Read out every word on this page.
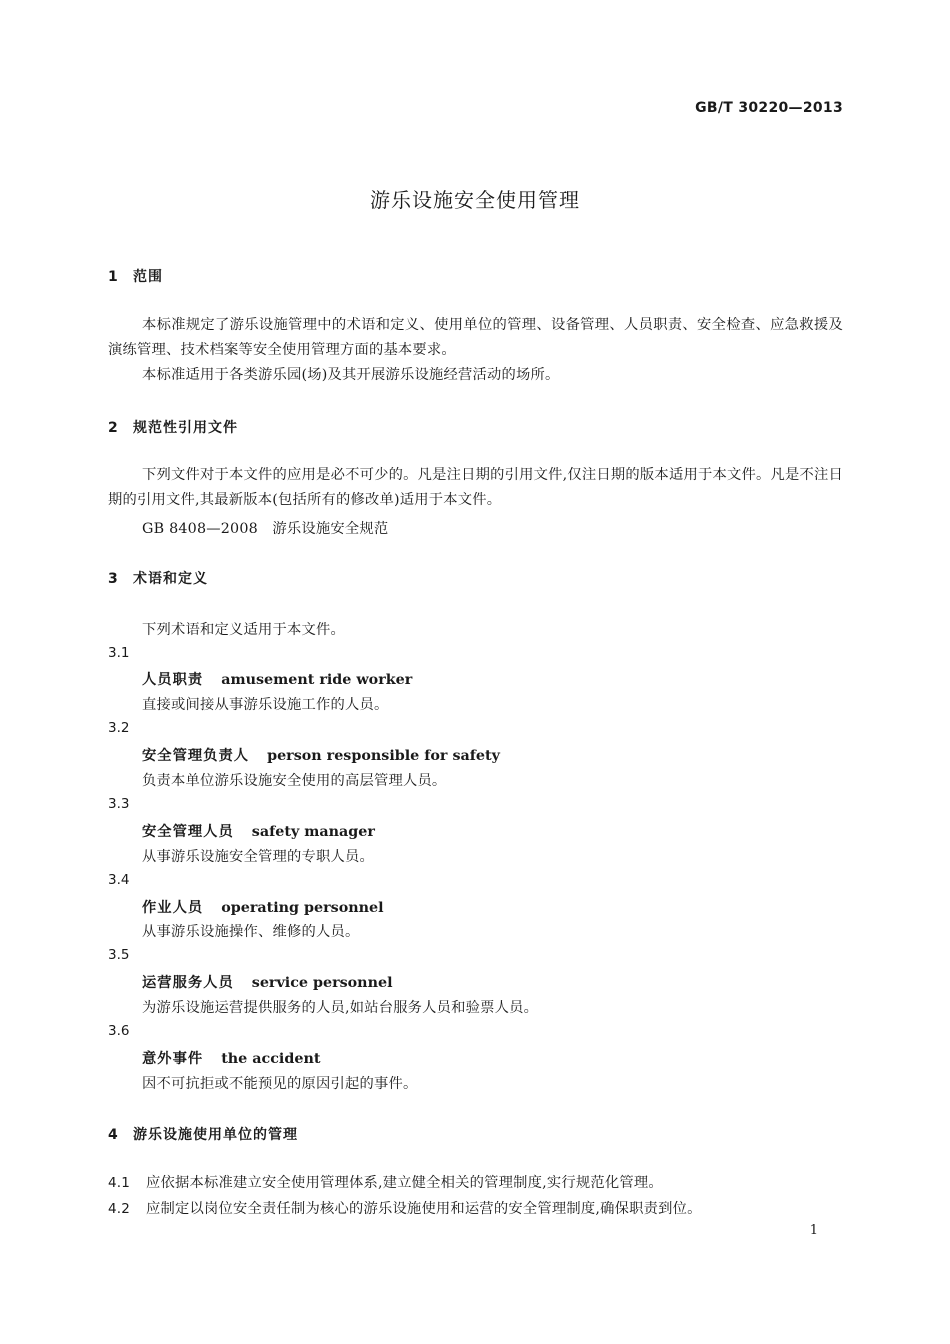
GB/T 30220—2013
游乐设施安全使用管理
1 范围
本标准规定了游乐设施管理中的术语和定义、使用单位的管理、设备管理、人员职责、安全检查、应急救援及演练管理、技术档案等安全使用管理方面的基本要求。
本标准适用于各类游乐园(场)及其开展游乐设施经营活动的场所。
2 规范性引用文件
下列文件对于本文件的应用是必不可少的。凡是注日期的引用文件,仅注日期的版本适用于本文件。凡是不注日期的引用文件,其最新版本(包括所有的修改单)适用于本文件。
GB 8408—2008　游乐设施安全规范
3 术语和定义
下列术语和定义适用于本文件。
3.1
人员职责 amusement ride worker
直接或间接从事游乐设施工作的人员。
3.2
安全管理负责人 person responsible for safety
负责本单位游乐设施安全使用的高层管理人员。
3.3
安全管理人员 safety manager
从事游乐设施安全管理的专职人员。
3.4
作业人员 operating personnel
从事游乐设施操作、维修的人员。
3.5
运营服务人员 service personnel
为游乐设施运营提供服务的人员,如站台服务人员和验票人员。
3.6
意外事件 the accident
因不可抗拒或不能预见的原因引起的事件。
4 游乐设施使用单位的管理
4.1 应依据本标准建立安全使用管理体系,建立健全相关的管理制度,实行规范化管理。
4.2 应制定以岗位安全责任制为核心的游乐设施使用和运营的安全管理制度,确保职责到位。
1
